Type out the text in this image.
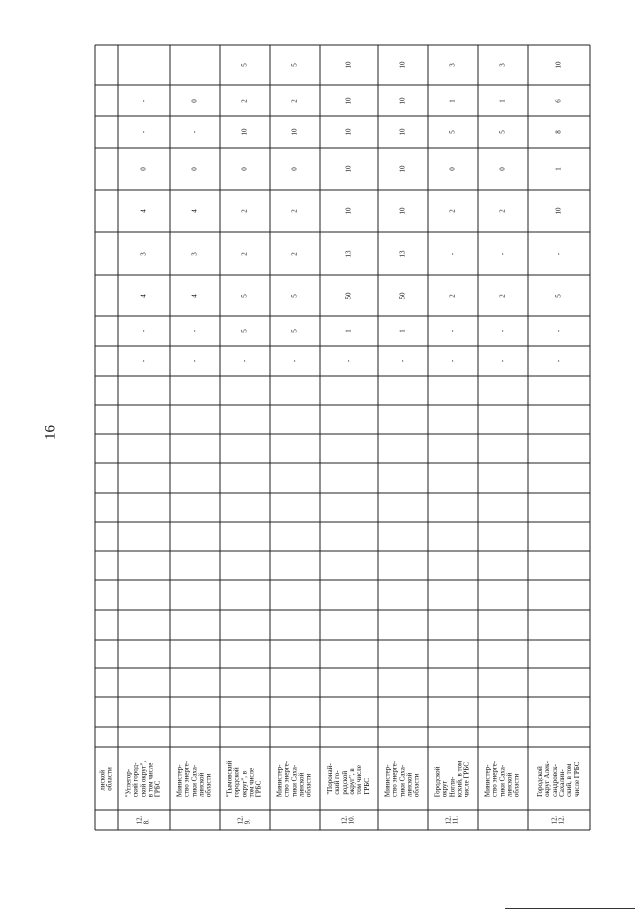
16
лиской области "Углегор- ский город- ской округ", в том числе ГРБС
12. 8.
-
-
4
3
4
0
-
-
Министер- ство энерге- тики Саха- линской области
-
-
4
3
4
0
-
0
"Тымовский городской округ", в том числе ГРБС
12. 9.
-
5
5
2
2
0
10
2
5
Министер- ство энерге- тики Саха- линской области
-
5
5
2
2
0
10
2
5
"Поронай- ский го- родской округ", в том числе ГРБС
12. 10.
-
1
50
13
10
10
10
10
10
Министер- ство энерге- тики Саха- линской области
-
1
50
13
10
10
10
10
10
Городской округ Ногли- кский, в том числе ГРБС
12. 11.
-
-
2
-
2
0
5
1
3
Министер- ство энерге- тики Саха- линской области
-
-
2
-
2
0
5
1
3
Городской округ Алек- сандровск- Сахалин- ский, в том числе ГРБС
12. 12.
-
-
5
-
10
1
8
6
10
